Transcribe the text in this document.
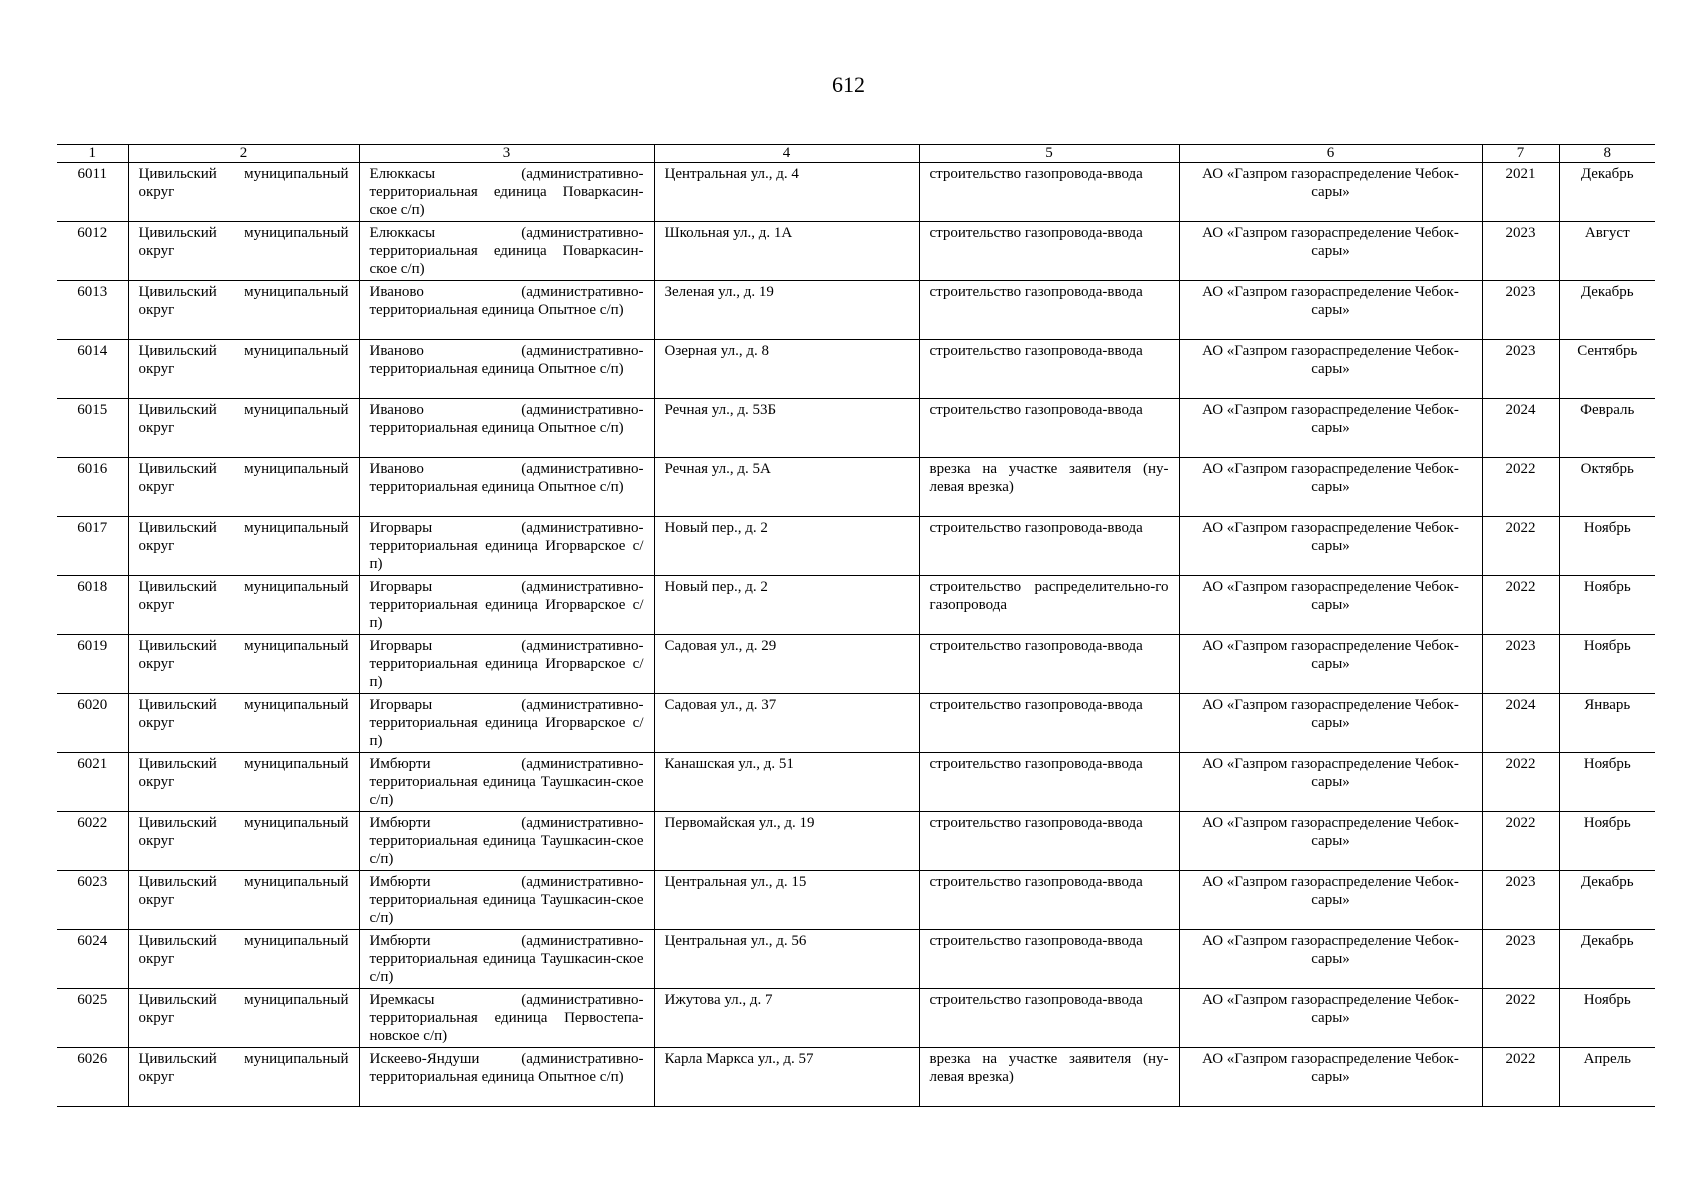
612
1	2	3	4	5	6	7	8
6011	Цивильский муниципальный округ	Елюккасы (административно-территориальная единица Поваркасин-ское с/п)	Центральная ул., д. 4	строительство газопровода-ввода	АО «Газпром газораспределение Чебок-сары»	2021	Декабрь
6012	Цивильский муниципальный округ	Елюккасы (административно-территориальная единица Поваркасин-ское с/п)	Школьная ул., д. 1А	строительство газопровода-ввода	АО «Газпром газораспределение Чебок-сары»	2023	Август
6013	Цивильский муниципальный округ	Иваново (административно-территориальная единица Опытное с/п)	Зеленая ул., д. 19	строительство газопровода-ввода	АО «Газпром газораспределение Чебок-сары»	2023	Декабрь
6014	Цивильский муниципальный округ	Иваново (административно-территориальная единица Опытное с/п)	Озерная ул., д. 8	строительство газопровода-ввода	АО «Газпром газораспределение Чебок-сары»	2023	Сентябрь
6015	Цивильский муниципальный округ	Иваново (административно-территориальная единица Опытное с/п)	Речная ул., д. 53Б	строительство газопровода-ввода	АО «Газпром газораспределение Чебок-сары»	2024	Февраль
6016	Цивильский муниципальный округ	Иваново (административно-территориальная единица Опытное с/п)	Речная ул., д. 5А	врезка на участке заявителя (ну-левая врезка)	АО «Газпром газораспределение Чебок-сары»	2022	Октябрь
6017	Цивильский муниципальный округ	Игорвары (административно-территориальная единица Игорварское с/п)	Новый пер., д. 2	строительство газопровода-ввода	АО «Газпром газораспределение Чебок-сары»	2022	Ноябрь
6018	Цивильский муниципальный округ	Игорвары (административно-территориальная единица Игорварское с/п)	Новый пер., д. 2	строительство распределительно-го газопровода	АО «Газпром газораспределение Чебок-сары»	2022	Ноябрь
6019	Цивильский муниципальный округ	Игорвары (административно-территориальная единица Игорварское с/п)	Садовая ул., д. 29	строительство газопровода-ввода	АО «Газпром газораспределение Чебок-сары»	2023	Ноябрь
6020	Цивильский муниципальный округ	Игорвары (административно-территориальная единица Игорварское с/п)	Садовая ул., д. 37	строительство газопровода-ввода	АО «Газпром газораспределение Чебок-сары»	2024	Январь
6021	Цивильский муниципальный округ	Имбюрти (административно-территориальная единица Таушкасин-ское с/п)	Канашская ул., д. 51	строительство газопровода-ввода	АО «Газпром газораспределение Чебок-сары»	2022	Ноябрь
6022	Цивильский муниципальный округ	Имбюрти (административно-территориальная единица Таушкасин-ское с/п)	Первомайская ул., д. 19	строительство газопровода-ввода	АО «Газпром газораспределение Чебок-сары»	2022	Ноябрь
6023	Цивильский муниципальный округ	Имбюрти (административно-территориальная единица Таушкасин-ское с/п)	Центральная ул., д. 15	строительство газопровода-ввода	АО «Газпром газораспределение Чебок-сары»	2023	Декабрь
6024	Цивильский муниципальный округ	Имбюрти (административно-территориальная единица Таушкасин-ское с/п)	Центральная ул., д. 56	строительство газопровода-ввода	АО «Газпром газораспределение Чебок-сары»	2023	Декабрь
6025	Цивильский муниципальный округ	Иремкасы (административно-территориальная единица Первостепа-новское с/п)	Ижутова ул., д. 7	строительство газопровода-ввода	АО «Газпром газораспределение Чебок-сары»	2022	Ноябрь
6026	Цивильский муниципальный округ	Искеево-Яндуши (административно-территориальная единица Опытное с/п)	Карла Маркса ул., д. 57	врезка на участке заявителя (ну-левая врезка)	АО «Газпром газораспределение Чебок-сары»	2022	Апрель
